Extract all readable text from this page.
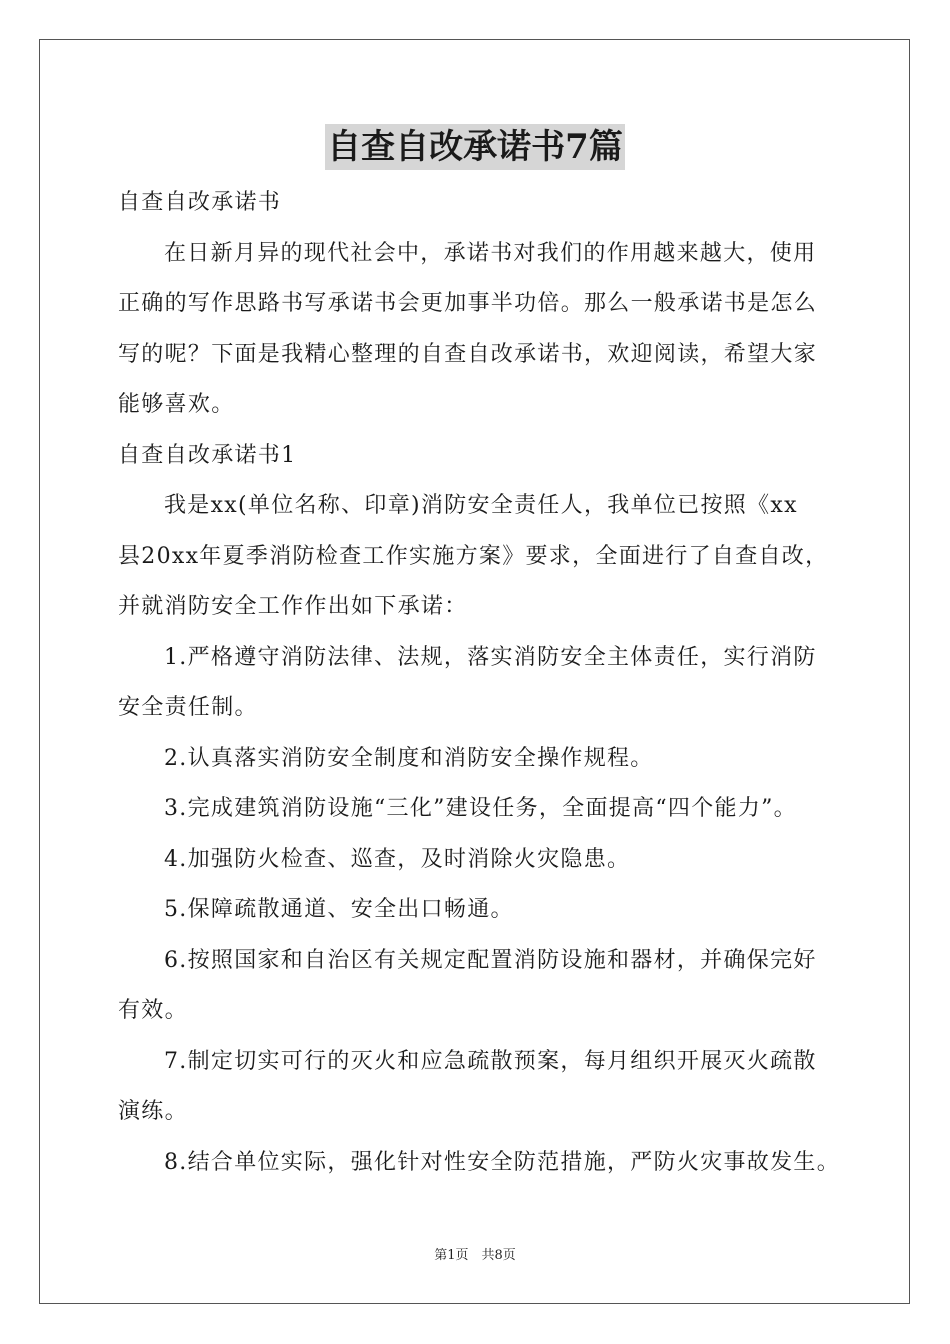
自查自改承诺书7篇

自查自改承诺书

在日新月异的现代社会中，承诺书对我们的作用越来越大，使用

正确的写作思路书写承诺书会更加事半功倍。那么一般承诺书是怎么

写的呢？下面是我精心整理的自查自改承诺书，欢迎阅读，希望大家

能够喜欢。

自查自改承诺书1

我是xx(单位名称、印章)消防安全责任人，我单位已按照《xx

县20xx年夏季消防检查工作实施方案》要求，全面进行了自查自改，

并就消防安全工作作出如下承诺：

1.严格遵守消防法律、法规，落实消防安全主体责任，实行消防

安全责任制。

2.认真落实消防安全制度和消防安全操作规程。

3.完成建筑消防设施“三化”建设任务，全面提高“四个能力”。

4.加强防火检查、巡查，及时消除火灾隐患。

5.保障疏散通道、安全出口畅通。

6.按照国家和自治区有关规定配置消防设施和器材，并确保完好

有效。

7.制定切实可行的灭火和应急疏散预案，每月组织开展灭火疏散

演练。

8.结合单位实际，强化针对性安全防范措施，严防火灾事故发生。

第1页　共8页
